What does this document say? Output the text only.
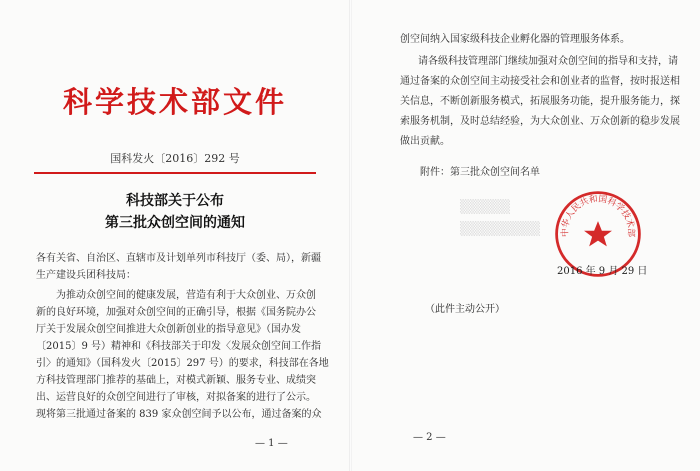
科学技术部文件
国科发火〔2016〕292 号
科技部关于公布
第三批众创空间的通知
各有关省、自治区、直辖市及计划单列市科技厅（委、局），新疆
生产建设兵团科技局：
为推动众创空间的健康发展，营造有利于大众创业、万众创
新的良好环境，加强对众创空间的正确引导，根据《国务院办公
厅关于发展众创空间推进大众创新创业的指导意见》（国办发
〔2015〕9 号）精神和《科技部关于印发〈发展众创空间工作指
引〉的通知》（国科发火〔2015〕297 号）的要求，科技部在各地
方科技管理部门推荐的基础上，对模式新颖、服务专业、成绩突
出、运营良好的众创空间进行了审核，对拟备案的进行了公示。
现将第三批通过备案的 839 家众创空间予以公布，通过备案的众
— 1 —
创空间纳入国家级科技企业孵化器的管理服务体系。
请各级科技管理部门继续加强对众创空间的指导和支持，请
通过备案的众创空间主动接受社会和创业者的监督，按时报送相
关信息，不断创新服务模式，拓展服务功能，提升服务能力，探
索服务机制，及时总结经验，为大众创业、万众创新的稳步发展
做出贡献。
附件：第三批众创空间名单
▒▒▒▒▒
▒▒▒▒▒▒▒▒ 中华人民共和国科学技术部
2016 年 9 月 29 日
（此件主动公开）
— 2 —
